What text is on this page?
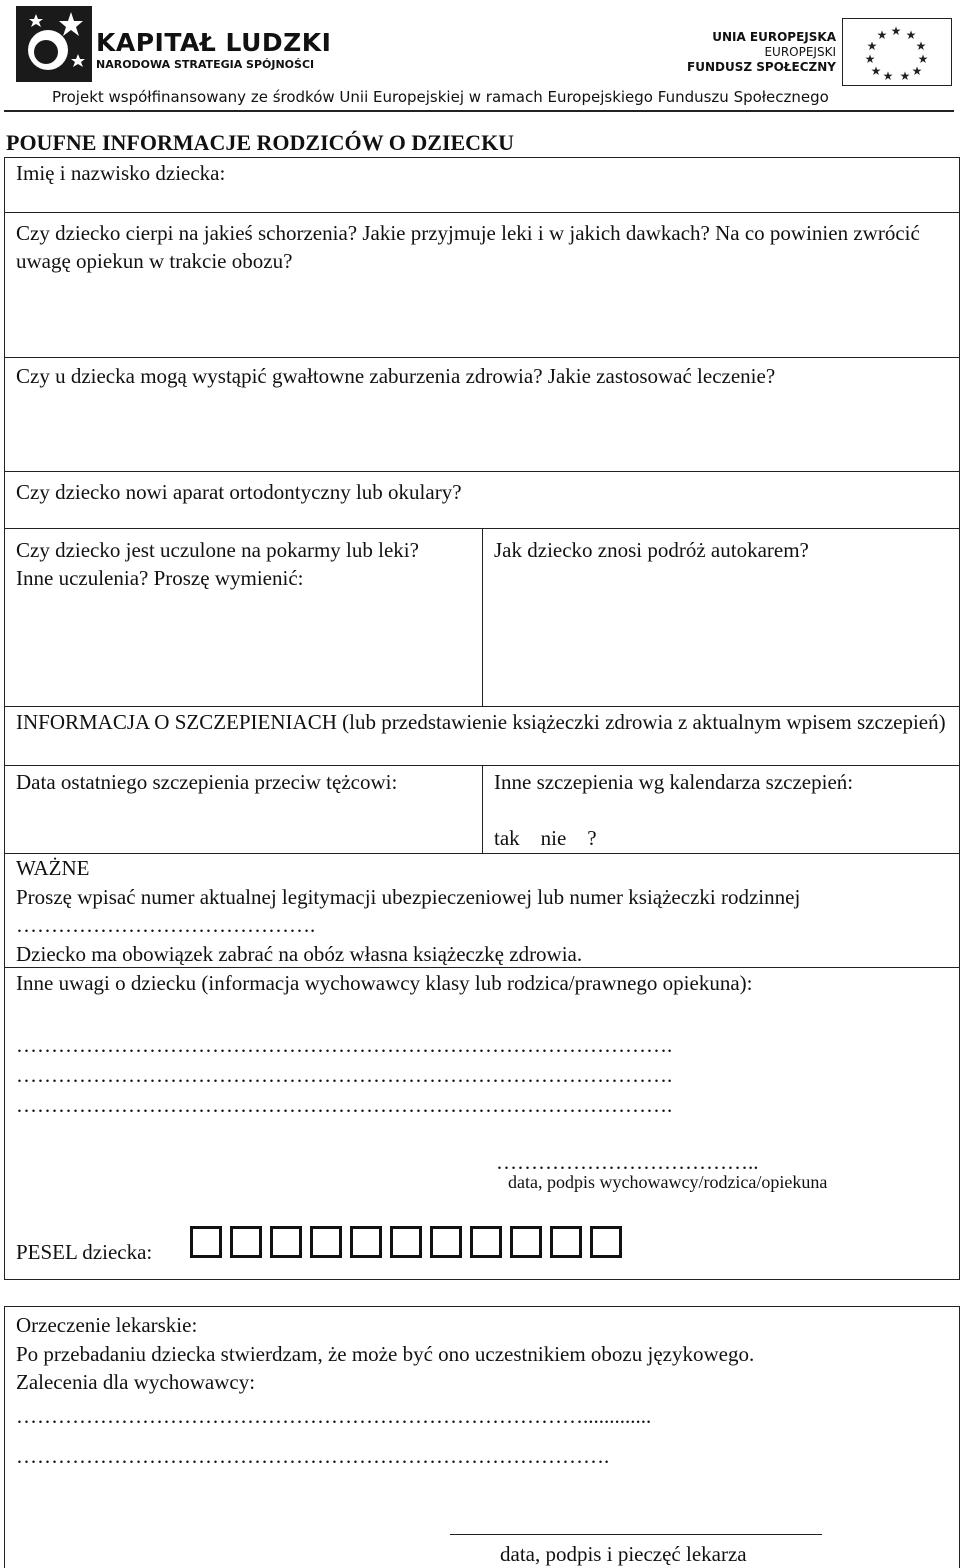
KAPITAŁ LUDZKI
NARODOWA STRATEGIA SPÓJNOŚCI
UNIA EUROPEJSKA
EUROPEJSKI
FUNDUSZ SPOŁECZNY
★ ★
★
★
★
★
★
★
★
★
★
Projekt współfinansowany ze środków Unii Europejskiej w ramach Europejskiego Funduszu Społecznego
POUFNE INFORMACJE RODZICÓW O DZIECKU
Imię i nazwisko dziecka:
Czy dziecko cierpi na jakieś schorzenia? Jakie przyjmuje leki i w jakich dawkach? Na co powinien zwrócić uwagę opiekun w trakcie obozu?
Czy u dziecka mogą wystąpić gwałtowne zaburzenia zdrowia? Jakie zastosować leczenie?
Czy dziecko nowi aparat ortodontyczny lub okulary?
Czy dziecko jest uczulone na pokarmy lub leki? Inne uczulenia? Proszę wymienić:
Jak dziecko znosi podróż autokarem?
INFORMACJA O SZCZEPIENIACH (lub przedstawienie książeczki zdrowia z aktualnym wpisem szczepień)
Data ostatniego szczepienia przeciw tężcowi:	Inne szczepienia wg kalendarza szczepień:
tak    nie    ?
WAŻNE
Proszę wpisać numer aktualnej legitymacji ubezpieczeniowej lub numer książeczki rodzinnej
…………………………………….
Dziecko ma obowiązek zabrać na obóz własna książeczkę zdrowia.
Inne uwagi o dziecku (informacja wychowawcy klasy lub rodzica/prawnego opiekuna):
………………………………………………………………………………….
………………………………………………………………………………….
………………………………………………………………………………….
………………………………..
data, podpis wychowawcy/rodzica/opiekuna
PESEL dziecka:
Orzeczenie lekarskie:
Po przebadaniu dziecka stwierdzam, że może być ono uczestnikiem obozu językowego.
Zalecenia dla wychowawcy:
……………………………………………………………………….............
………………………………………………………………………….
data, podpis i pieczęć lekarza
